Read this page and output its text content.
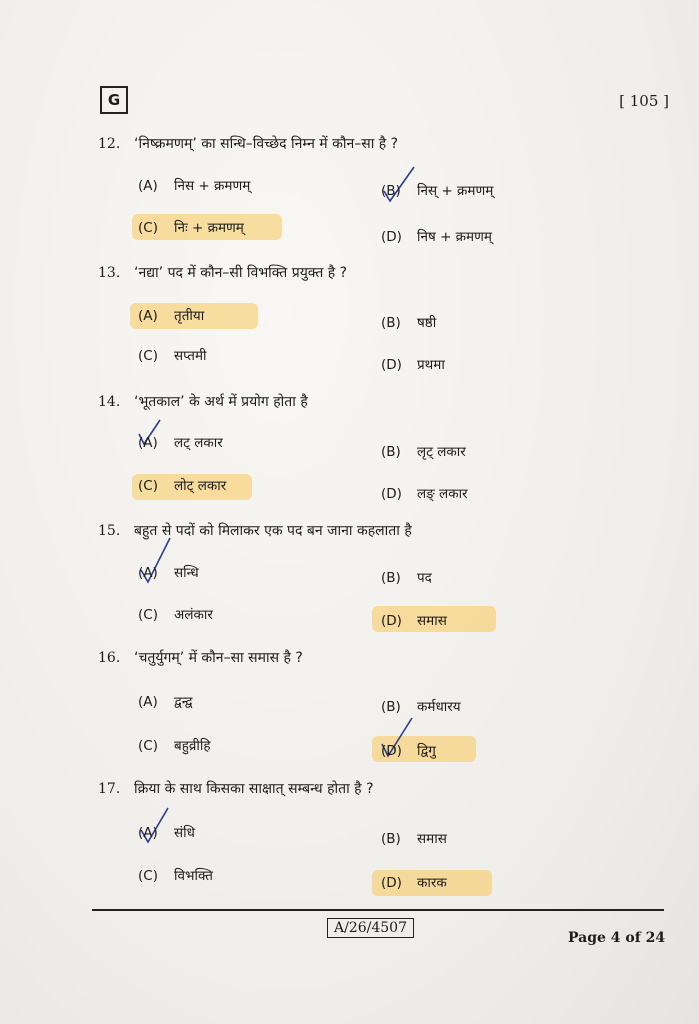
G	[ 105 ]
12. ‘निष्क्रमणम्’ का सन्धि–विच्छेद निम्न में कौन–सा है ?
(A) निस + क्रमणम्	(B) निस् + क्रमणम्
(C) निः + क्रमणम्
(D) निष + क्रमणम्
13. ‘नद्या’ पद में कौन–सी विभक्ति प्रयुक्त है ?
(A) तृतीया	(B) षष्ठी
(C) सप्तमी
(D) प्रथमा
14. ‘भूतकाल’ के अर्थ में प्रयोग होता है
(A) लट् लकार
(B) लृट् लकार
(C) लोट् लकार	(D) लङ् लकार
15. बहुत से पदों को मिलाकर एक पद बन जाना कहलाता है
(A) सन्धि	(B) पद
(C) अलंकार	(D) समास
16. ‘चतुर्युगम्’ में कौन–सा समास है ?
(A) द्वन्द्व	(B) कर्मधारय
(C) बहुव्रीहि	(D) द्विगु
17. क्रिया के साथ किसका साक्षात् सम्बन्ध होता है ?
(A) संधि	(B) समास
(C) विभक्ति	(D) कारक
A/26/4507
Page 4 of 24
